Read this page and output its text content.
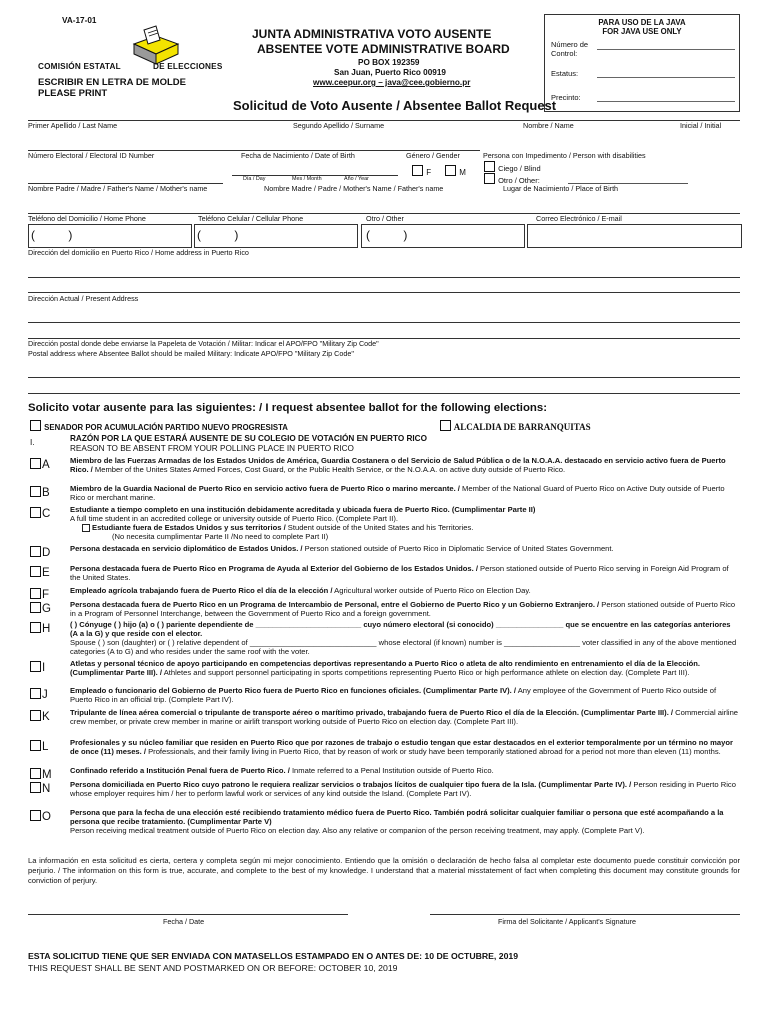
VA-17-01
COMISIÓN ESTATAL	DE ELECCIONES
ESCRIBIR EN LETRA DE MOLDE
PLEASE PRINT
JUNTA ADMINISTRATIVA VOTO AUSENTE
ABSENTEE VOTE ADMINISTRATIVE BOARD
PO BOX 192359
San Juan, Puerto Rico 00919
www.ceepur.org – java@cee.gobierno.pr
Solicitud de Voto Ausente / Absentee Ballot Request
PARA USO DE LA JAVA
FOR JAVA USE ONLY
Número de Control:
Estatus:
Precinto:
Primer Apellido / Last Name	Segundo Apellido / Surname	Nombre / Name	Inicial / Initial
Número Electoral / Electoral ID Number	Fecha de Nacimiento / Date of Birth	Género / Gender	Persona con Impedimento / Person with disabilities
F	M	Ciego / Blind
Otro / Other:
Día / Day	Mes / Month	Año / Year
Nombre Padre / Madre / Father's Name / Mother's name	Nombre Madre / Padre / Mother's Name / Father's name	Lugar de Nacimiento / Place of Birth
Teléfono del Domicilio / Home Phone	Teléfono Celular / Cellular Phone	Otro / Other	Correo Electrónico / E-mail
(          )	(          )	(          )
Dirección del domicilio en Puerto Rico / Home address in Puerto Rico
Dirección Actual / Present Address
Dirección postal donde debe enviarse la Papeleta de Votación / Militar: Indicar el APO/FPO "Military Zip Code"
Postal address where Absentee Ballot should be mailed Military: Indicate APO/FPO "Military Zip Code"
Solicito votar ausente para las siguientes: / I request absentee ballot for the following elections:
SENADOR POR ACUMULACIÓN PARTIDO NUEVO PROGRESISTA	ALCALDIA DE BARRANQUITAS
I.	RAZÓN POR LA QUE ESTARÁ AUSENTE DE SU COLEGIO DE VOTACIÓN EN PUERTO RICO
REASON TO BE ABSENT FROM YOUR POLLING PLACE IN PUERTO RICO
A	Miembro de las Fuerzas Armadas de los Estados Unidos de América, Guardia Costanera o del Servicio de Salud Pública o de la N.O.A.A. destacado en servicio activo fuera de Puerto Rico. / Member of the Unites States Armed Forces, Cost Guard, or the Public Health Service, or the N.O.A.A. on active duty outside of Puerto Rico.
B	Miembro de la Guardia Nacional de Puerto Rico en servicio activo fuera de Puerto Rico o marino mercante. / Member of the National Guard of Puerto Rico on Active Duty outside of Puerto Rico or merchant marine.
C	Estudiante a tiempo completo en una institución debidamente acreditada y ubicada fuera de Puerto Rico. (Cumplimentar Parte II)
A full time student in an accredited college or university outside of Puerto Rico. (Complete Part II).
Estudiante fuera de Estados Unidos y sus territorios / Student outside of the United States and his Territories.
(No necesita cumplimentar Parte II /No need to complete Part II)
D	Persona destacada en servicio diplomático de Estados Unidos. / Person stationed outside of Puerto Rico in Diplomatic Service of United States Government.
E	Persona destacada fuera de Puerto Rico en Programa de Ayuda al Exterior del Gobierno de los Estados Unidos. / Person stationed outside of Puerto Rico serving in Foreign Aid Program of the United States.
F	Empleado agrícola trabajando fuera de Puerto Rico el día de la elección / Agricultural worker outside of Puerto Rico on Election Day.
G	Persona destacada fuera de Puerto Rico en un Programa de Intercambio de Personal, entre el Gobierno de Puerto Rico y un Gobierno Extranjero. / Person stationed outside of Puerto Rico in a Program of Personnel Interchange, between the Government of Puerto Rico and a foreign government.
H	( ) Cónyuge ( ) hijo (a) o ( ) pariente dependiente de _________________________ cuyo número electoral (si conocido) ________________ que se encuentre en las categorías anteriores (A a la G) y que reside con el elector.
Spouse ( ) son (daughter) or ( ) relative dependent of ______________________________ whose electoral (if known) number is __________________ voter classified in any of the above mentioned categories (A to G) and who resides under the same roof with the voter.
I	Atletas y personal técnico de apoyo participando en competencias deportivas representando a Puerto Rico o atleta de alto rendimiento en entrenamiento el día de la Elección. (Cumplimentar Parte III). / Athletes and support personnel participating in sports competitions representing Puerto Rico or high performance athlete on election day. (Complete Part III).
J	Empleado o funcionario del Gobierno de Puerto Rico fuera de Puerto Rico en funciones oficiales. (Cumplimentar Parte IV). / Any employee of the Government of Puerto Rico outside of Puerto Rico in an official trip. (Complete Part IV).
K	Tripulante de línea aérea comercial o tripulante de transporte aéreo o marítimo privado, trabajando fuera de Puerto Rico el día de la Elección. (Cumplimentar Parte III). / Commercial airline crew member, or private crew member in marine or airlift transport working outside of Puerto Rico on election day. (Complete Part III).
L	Profesionales y su núcleo familiar que residen en Puerto Rico que por razones de trabajo o estudio tengan que estar destacados en el exterior temporalmente por un término no mayor de once (11) meses. / Professionals, and their family living in Puerto Rico, that by reason of work or study have been temporarily stationed abroad for a period not more than eleven (11) months.
M Confinado referido a Institución Penal fuera de Puerto Rico. / Inmate referred to a Penal Institution outside of Puerto Rico.
N	Persona domiciliada en Puerto Rico cuyo patrono le requiera realizar servicios o trabajos lícitos de cualquier tipo fuera de la Isla. (Cumplimentar Parte IV). / Person residing in Puerto Rico whose employer requires him / her to perform lawful work or services of any kind outside the Island. (Complete Part IV).
O	Persona que para la fecha de una elección esté recibiendo tratamiento médico fuera de Puerto Rico. También podrá solicitar cualquier familiar o persona que esté acompañando a la persona que recibe tratamiento. (Cumplimentar Parte V)
Person receiving medical treatment outside of Puerto Rico on election day. Also any relative or companion of the person receiving treatment, may apply. (Complete Part V).
La información en esta solicitud es cierta, certera y completa según mi mejor conocimiento. Entiendo que la omisión o declaración de hecho falsa al completar este documento puede constituir convicción por perjurio. / The information on this form is true, accurate, and complete to the best of my knowledge. I understand that a material misstatement of fact when completing this document may constitute grounds for conviction of perjury.
Fecha / Date	Firma del Solicitante / Applicant's Signature
ESTA SOLICITUD TIENE QUE SER ENVIADA CON MATASELLOS ESTAMPADO EN O ANTES DE: 10 DE OCTUBRE, 2019
THIS REQUEST SHALL BE SENT AND POSTMARKED ON OR BEFORE: OCTOBER 10, 2019
